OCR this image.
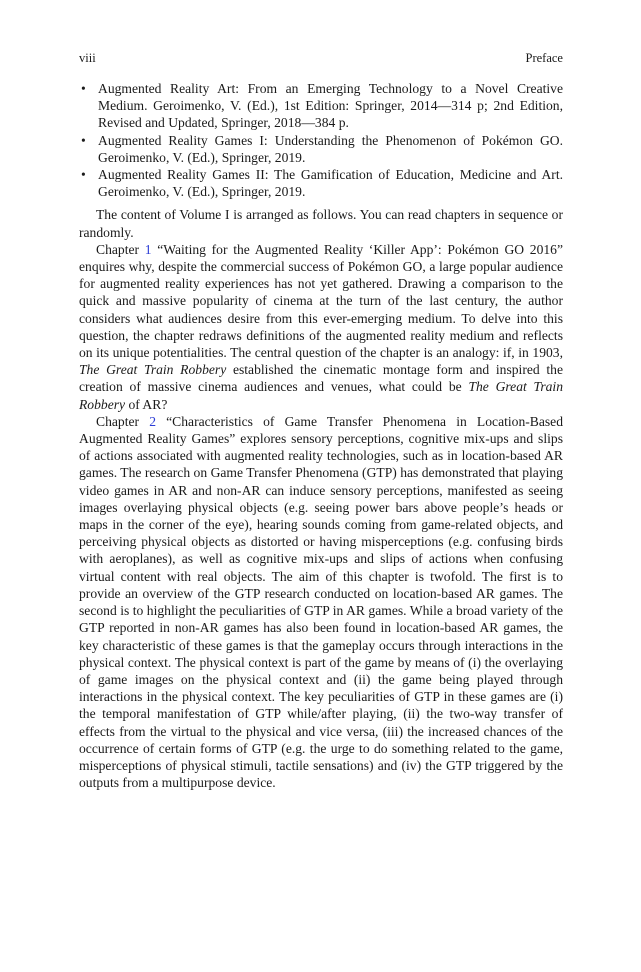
viii	Preface
• Augmented Reality Art: From an Emerging Technology to a Novel Creative Medium. Geroimenko, V. (Ed.), 1st Edition: Springer, 2014—314 p; 2nd Edition, Revised and Updated, Springer, 2018—384 p.
• Augmented Reality Games I: Understanding the Phenomenon of Pokémon GO. Geroimenko, V. (Ed.), Springer, 2019.
• Augmented Reality Games II: The Gamification of Education, Medicine and Art. Geroimenko, V. (Ed.), Springer, 2019.

The content of Volume I is arranged as follows. You can read chapters in sequence or randomly.

Chapter 1 “Waiting for the Augmented Reality ‘Killer App’: Pokémon GO 2016” enquires why, despite the commercial success of Pokémon GO, a large popular audience for augmented reality experiences has not yet gathered. Drawing a comparison to the quick and massive popularity of cinema at the turn of the last century, the author considers what audiences desire from this ever-emerging medium. To delve into this question, the chapter redraws definitions of the augmented reality medium and reflects on its unique potentialities. The central question of the chapter is an analogy: if, in 1903, The Great Train Robbery established the cinematic montage form and inspired the creation of massive cinema audiences and venues, what could be The Great Train Robbery of AR?

Chapter 2 “Characteristics of Game Transfer Phenomena in Location-Based Augmented Reality Games” explores sensory perceptions, cognitive mix-ups and slips of actions associated with augmented reality technologies, such as in location-based AR games. The research on Game Transfer Phenomena (GTP) has demonstrated that playing video games in AR and non-AR can induce sensory perceptions, manifested as seeing images overlaying physical objects (e.g. seeing power bars above people’s heads or maps in the corner of the eye), hearing sounds coming from game-related objects, and perceiving physical objects as distorted or having misperceptions (e.g. confusing birds with aeroplanes), as well as cognitive mix-ups and slips of actions when confusing virtual content with real objects. The aim of this chapter is twofold. The first is to provide an overview of the GTP research conducted on location-based AR games. The second is to highlight the peculiarities of GTP in AR games. While a broad variety of the GTP reported in non-AR games has also been found in location-based AR games, the key characteristic of these games is that the gameplay occurs through interactions in the physical context. The physical context is part of the game by means of (i) the overlaying of game images on the physical context and (ii) the game being played through interactions in the physical context. The key peculiarities of GTP in these games are (i) the temporal manifestation of GTP while/after playing, (ii) the two-way transfer of effects from the virtual to the physical and vice versa, (iii) the increased chances of the occurrence of certain forms of GTP (e.g. the urge to do something related to the game, misperceptions of physical stimuli, tactile sensations) and (iv) the GTP triggered by the outputs from a multipurpose device.
